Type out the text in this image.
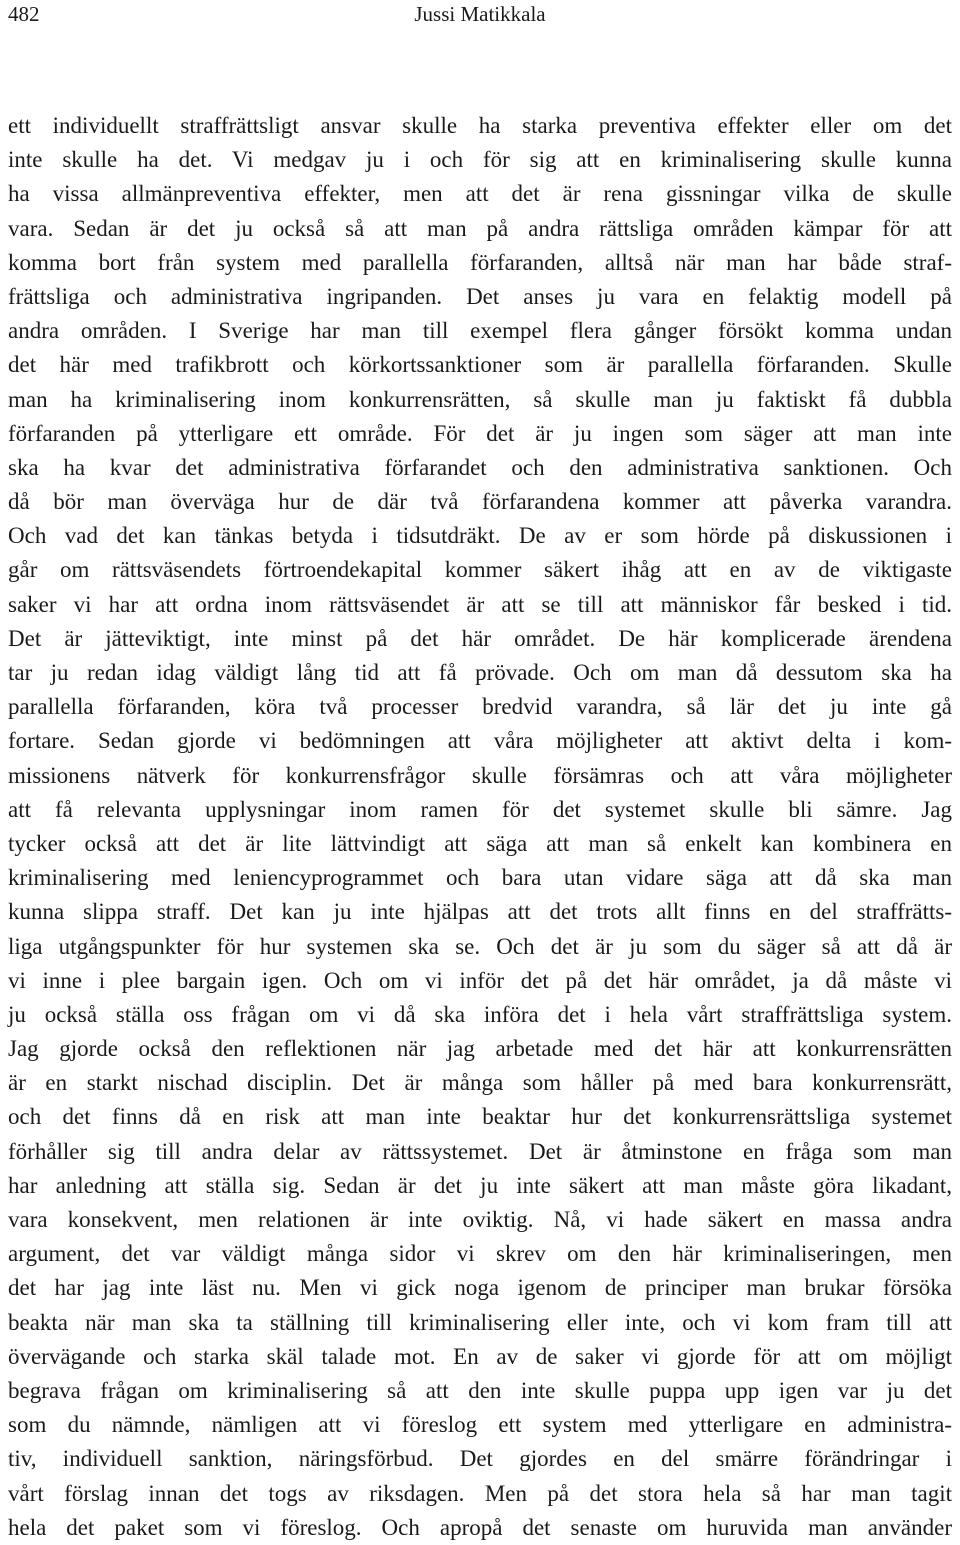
482	Jussi Matikkala
ett individuellt straffrättsligt ansvar skulle ha starka preventiva effekter eller om det
inte skulle ha det. Vi medgav ju i och för sig att en kriminalisering skulle kunna
ha vissa allmänpreventiva effekter, men att det är rena gissningar vilka de skulle
vara. Sedan är det ju också så att man på andra rättsliga områden kämpar för att
komma bort från system med parallella förfaranden, alltså när man har både straf-
frättsliga och administrativa ingripanden. Det anses ju vara en felaktig modell på
andra områden. I Sverige har man till exempel flera gånger försökt komma undan
det här med trafikbrott och körkortssanktioner som är parallella förfaranden. Skulle
man ha kriminalisering inom konkurrensrätten, så skulle man ju faktiskt få dubbla
förfaranden på ytterligare ett område. För det är ju ingen som säger att man inte
ska ha kvar det administrativa förfarandet och den administrativa sanktionen. Och
då bör man överväga hur de där två förfarandena kommer att påverka varandra.
Och vad det kan tänkas betyda i tidsutdräkt. De av er som hörde på diskussionen i
går om rättsväsendets förtroendekapital kommer säkert ihåg att en av de viktigaste
saker vi har att ordna inom rättsväsendet är att se till att människor får besked i tid.
Det är jätteviktigt, inte minst på det här området. De här komplicerade ärendena
tar ju redan idag väldigt lång tid att få prövade. Och om man då dessutom ska ha
parallella förfaranden, köra två processer bredvid varandra, så lär det ju inte gå
fortare. Sedan gjorde vi bedömningen att våra möjligheter att aktivt delta i kom-
missionens nätverk för konkurrensfrågor skulle försämras och att våra möjligheter
att få relevanta upplysningar inom ramen för det systemet skulle bli sämre. Jag
tycker också att det är lite lättvindigt att säga att man så enkelt kan kombinera en
kriminalisering med leniencyprogrammet och bara utan vidare säga att då ska man
kunna slippa straff. Det kan ju inte hjälpas att det trots allt finns en del straffrätts-
liga utgångspunkter för hur systemen ska se. Och det är ju som du säger så att då är
vi inne i plee bargain igen. Och om vi inför det på det här området, ja då måste vi
ju också ställa oss frågan om vi då ska införa det i hela vårt straffrättsliga system.
Jag gjorde också den reflektionen när jag arbetade med det här att konkurrensrätten
är en starkt nischad disciplin. Det är många som håller på med bara konkurrensrätt,
och det finns då en risk att man inte beaktar hur det konkurrensrättsliga systemet
förhåller sig till andra delar av rättssystemet. Det är åtminstone en fråga som man
har anledning att ställa sig. Sedan är det ju inte säkert att man måste göra likadant,
vara konsekvent, men relationen är inte oviktig. Nå, vi hade säkert en massa andra
argument, det var väldigt många sidor vi skrev om den här kriminaliseringen, men
det har jag inte läst nu. Men vi gick noga igenom de principer man brukar försöka
beakta när man ska ta ställning till kriminalisering eller inte, och vi kom fram till att
övervägande och starka skäl talade mot. En av de saker vi gjorde för att om möjligt
begrava frågan om kriminalisering så att den inte skulle puppa upp igen var ju det
som du nämnde, nämligen att vi föreslog ett system med ytterligare en administra-
tiv, individuell sanktion, näringsförbud. Det gjordes en del smärre förändringar i
vårt förslag innan det togs av riksdagen. Men på det stora hela så har man tagit
hela det paket som vi föreslog. Och apropå det senaste om huruvida man använder
